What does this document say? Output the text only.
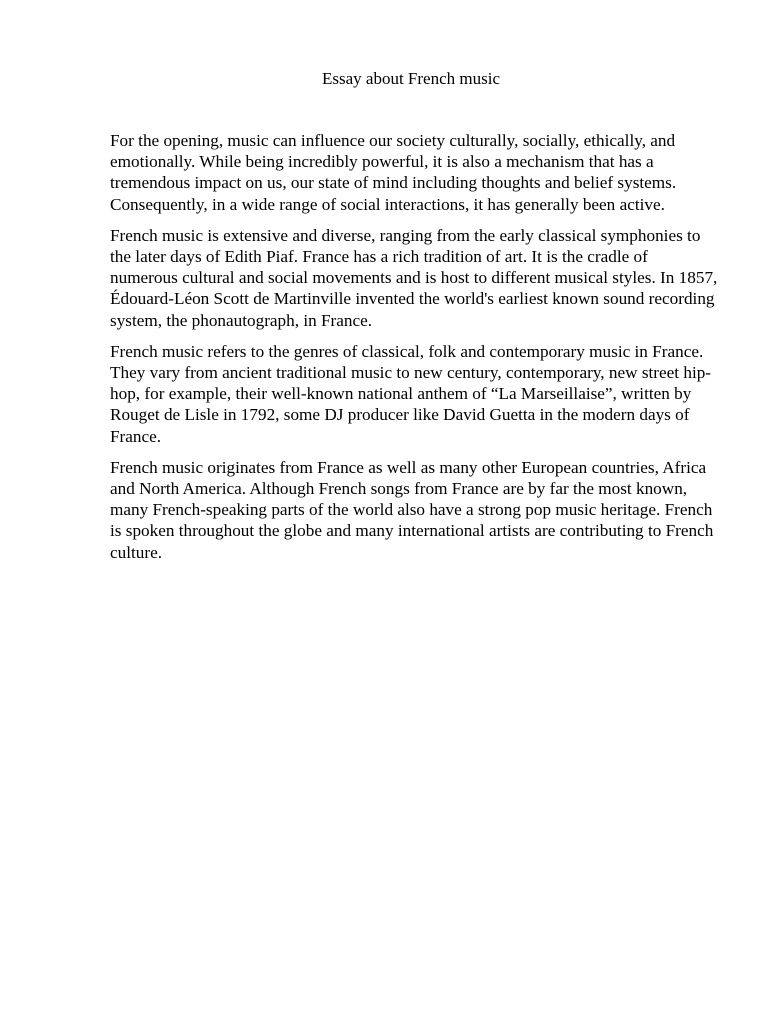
Essay about French music

For the opening, music can influence our society culturally, socially, ethically, and emotionally. While being incredibly powerful, it is also a mechanism that has a tremendous impact on us, our state of mind including thoughts and belief systems. Consequently, in a wide range of social interactions, it has generally been active.

French music is extensive and diverse, ranging from the early classical symphonies to the later days of Edith Piaf. France has a rich tradition of art. It is the cradle of numerous cultural and social movements and is host to different musical styles. In 1857, Édouard-Léon Scott de Martinville invented the world's earliest known sound recording system, the phonautograph, in France.

French music refers to the genres of classical, folk and contemporary music in France. They vary from ancient traditional music to new century, contemporary, new street hip-hop, for example, their well-known national anthem of “La Marseillaise”, written by Rouget de Lisle in 1792, some DJ producer like David Guetta in the modern days of France.

French music originates from France as well as many other European countries, Africa and North America. Although French songs from France are by far the most known, many French-speaking parts of the world also have a strong pop music heritage. French is spoken throughout the globe and many international artists are contributing to French culture.
